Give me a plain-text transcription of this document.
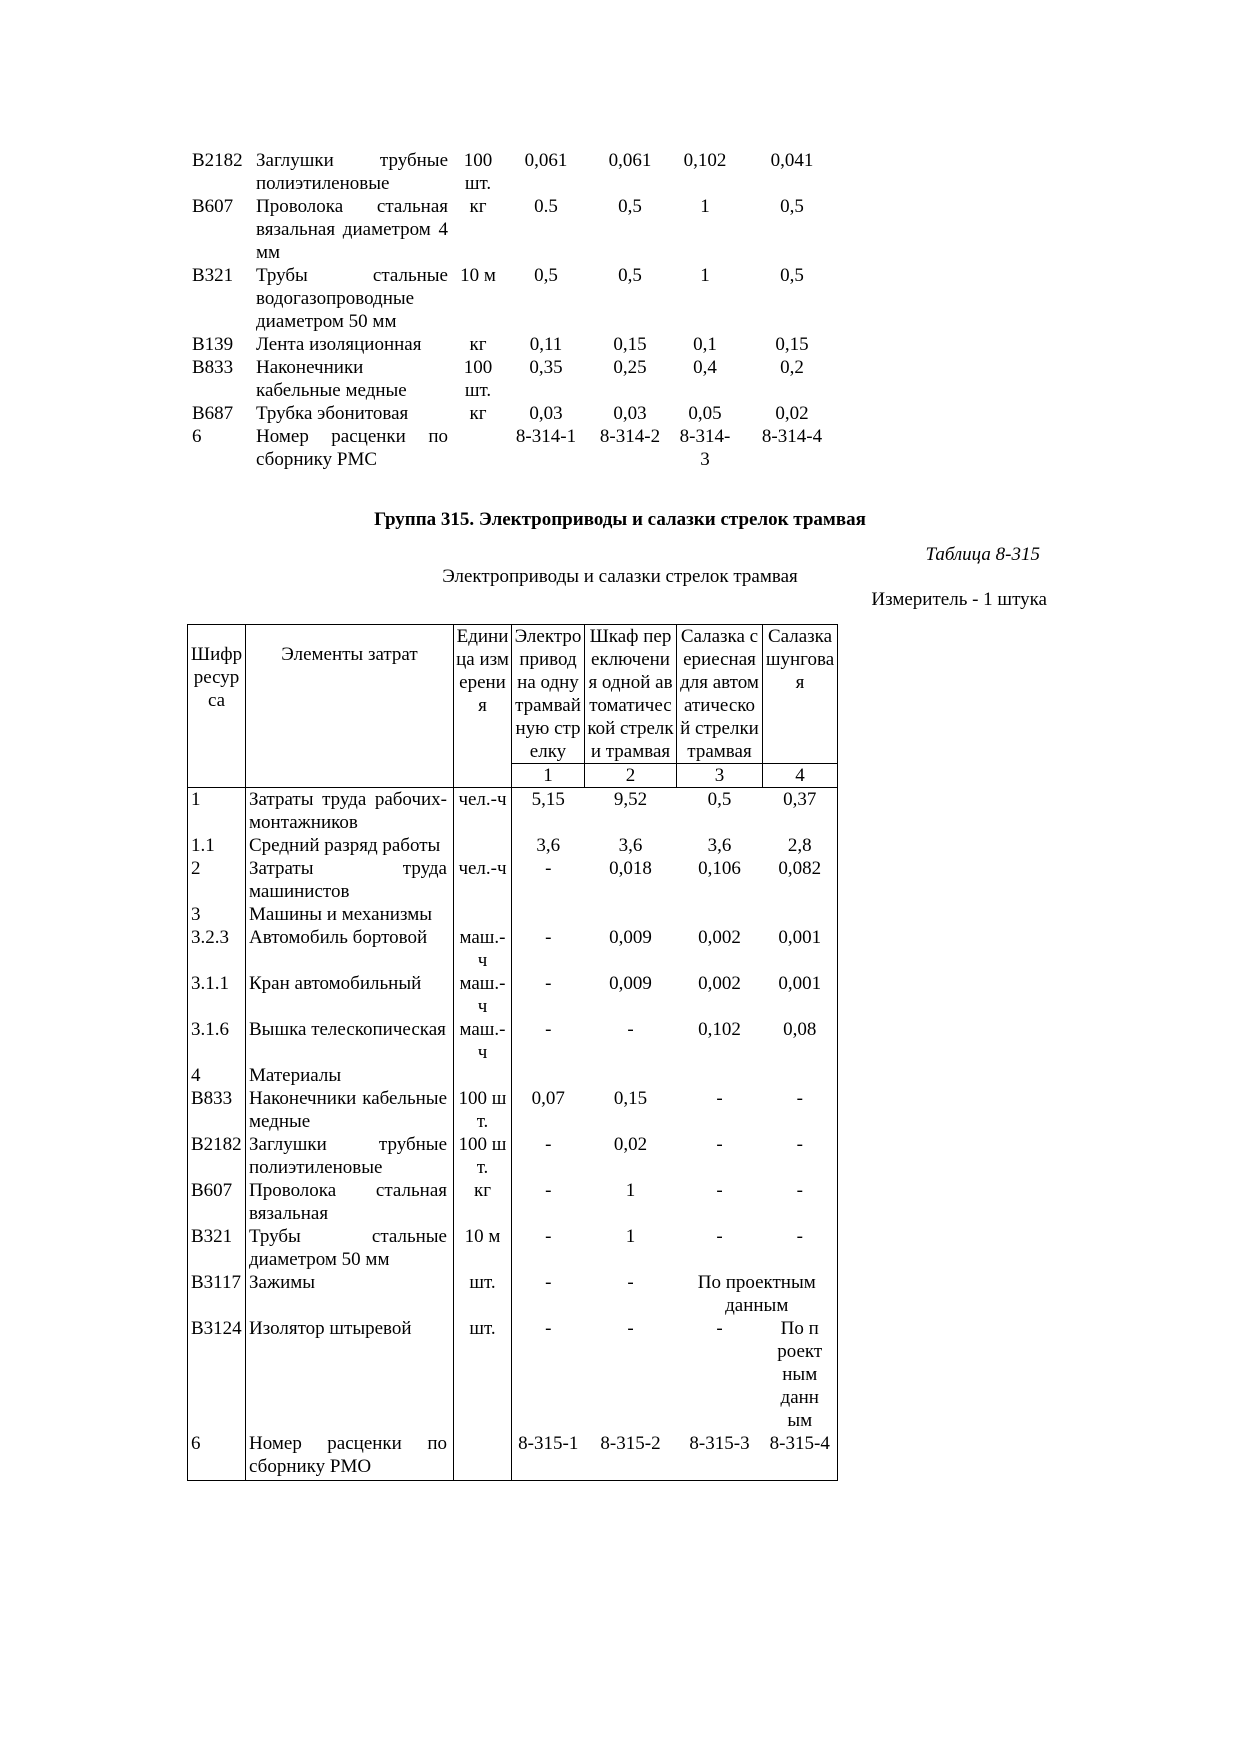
В2182	Заглушки трубные полиэтиленовые	100 шт.	0,061	0,061	0,102	0,041
В607	Проволока стальная вязальная диаметром 4 мм	кг	0.5	0,5	1	0,5
В321	Трубы стальные водогазопроводные диаметром 50 мм	10 м	0,5	0,5	1	0,5
В139	Лента изоляционная	кг	0,11	0,15	0,1	0,15
В833	Наконечники кабельные медные	100 шт.	0,35	0,25	0,4	0,2
В687	Трубка эбонитовая	кг	0,03	0,03	0,05	0,02
6	Номер расценки по сборнику РМС		8-314-1	8-314-2	8-314-3	8-314-4
Группа 315. Электроприводы и салазки стрелок трамвая
Таблица 8-315
Электроприводы и салазки стрелок трамвая
Измеритель - 1 штука
Шифр ресурса	Элементы затрат	Единица измерения	Электропривод на одну трамвайную стрелку	Шкаф переключения одной автоматической стрелки трамвая	Салазка сериесная для автоматической стрелки трамвая	Салазка шунговая
			1	2	3	4
1	Затраты труда рабочих-монтажников	чел.-ч	5,15	9,52	0,5	0,37
1.1	Средний разряд работы		3,6	3,6	3,6	2,8
2	Затраты труда машинистов	чел.-ч	-	0,018	0,106	0,082
3	Машины и механизмы					
3.2.3	Автомобиль бортовой	маш.-ч	-	0,009	0,002	0,001
3.1.1	Кран автомобильный	маш.-ч	-	0,009	0,002	0,001
3.1.6	Вышка телескопическая	маш.-ч	-	-	0,102	0,08
4	Материалы					
В833	Наконечники кабельные медные	100 шт.	0,07	0,15	-	-
В2182	Заглушки трубные полиэтиленовые	100 шт.	-	0,02	-	-
В607	Проволока стальная вязальная	кг	-	1	-	-
В321	Трубы стальные диаметром 50 мм	10 м	-	1	-	-
В3117	Зажимы	шт.	-	-	По проектным данным	
В3124	Изолятор штыревой	шт.	-	-	-	По проектным данным
6	Номер расценки по сборнику РМО		8-315-1	8-315-2	8-315-3	8-315-4
